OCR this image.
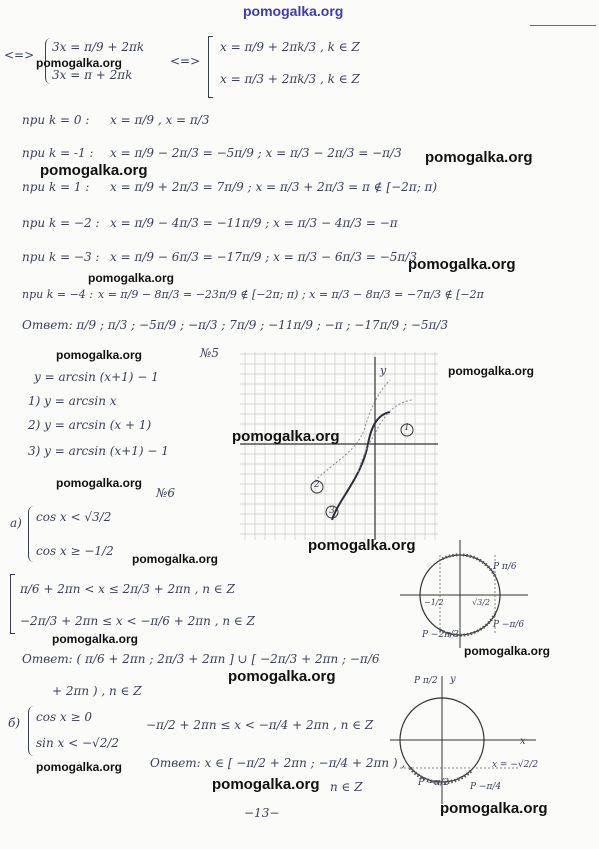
pomogalka.org
<=>
3x = π/9 + 2πk
3x = π + 2πk
<=>
x = π/9 + 2πk/3 , k ∈ Z
x = π/3 + 2πk/3 , k ∈ Z
pomogalka.org
при k = 0 : x = π/9 , x = π/3
при k = -1 : x = π/9 − 2π/3 = −5π/9 ; x = π/3 − 2π/3 = −π/3 pomogalka.org
при k = 1 : x = π/9 + 2π/3 = 7π/9 ; x = π/3 + 2π/3 = π ∉ [−2π; π)
pomogalka.org
при k = −2 : x = π/9 − 4π/3 = −11π/9 ; x = π/3 − 4π/3 = −π
при k = −3 : x = π/9 − 6π/3 = −17π/9 ; x = π/3 − 6π/3 = −5π/3
pomogalka.org
pomogalka.org
при k = −4 : x = π/9 − 8π/3 = −23π/9 ∉ [−2π; π) ; x = π/3 − 8π/3 = −7π/3 ∉ [−2π
Ответ: π/9 ; π/3 ; −5π/9 ; −π/3 ; 7π/9 ; −11π/9 ; −π ; −17π/9 ; −5π/3
pomogalka.org	№5
y = arcsin (x+1) − 1
1) y = arcsin x
2) y = arcsin (x + 1)
3) y = arcsin (x+1) − 1
pomogalka.org
y
1
2
3
pomogalka.org
pomogalka.org
№6
а) cos x < √3/2
cos x ≥ −1/2
pomogalka.org
pomogalka.org
π/6 + 2πn < x ≤ 2π/3 + 2πn , n ∈ Z
−2π/3 + 2πn ≤ x < −π/6 + 2πn , n ∈ Z
pomogalka.org
Ответ: ( π/6 + 2πn ; 2π/3 + 2πn ] ∪ [ −2π/3 + 2πn ; −π/6
+ 2πn ) , n ∈ Z
pomogalka.org
pomogalka.org
P π/6
P −π/6
P −2π/3
−1/2	√3/2
б) cos x ≥ 0
sin x < −√2/2
−π/2 + 2πn ≤ x < −π/4 + 2πn , n ∈ Z
Ответ: x ∈ [ −π/2 + 2πn ; −π/4 + 2πn ) ,
n ∈ Z
pomogalka.org
pomogalka.org
P π/2
P −π/2 P −π/4
x = −√2/2
x
y
pomogalka.org
−13−
